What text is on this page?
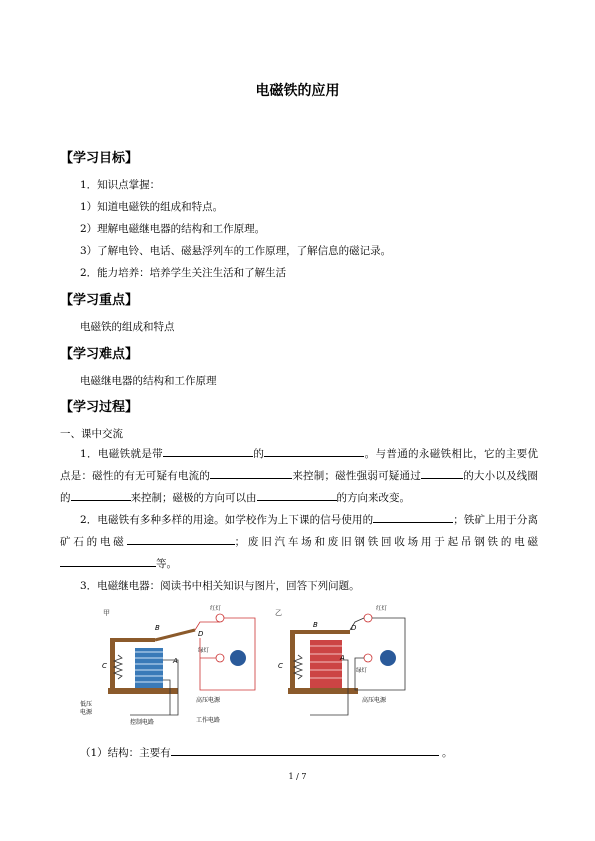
电磁铁的应用
【学习目标】
1．知识点掌握：
1）知道电磁铁的组成和特点。
2）理解电磁继电器的结构和工作原理。
3）了解电铃、电话、磁悬浮列车的工作原理，了解信息的磁记录。
2．能力培养：培养学生关注生活和了解生活
【学习重点】
电磁铁的组成和特点
【学习难点】
电磁继电器的结构和工作原理
【学习过程】
一、课中交流
1．电磁铁就是带	的	。与普通的永磁铁相比，它的主要优点是：磁性的有无可疑有电流的	来控制；磁性强弱可疑通过	的大小以及线圈的	来控制；磁极的方向可以由	的方向来改变。
2．电磁铁有多种多样的用途。如学校作为上下课的信号使用的	；铁矿上用于分离矿石的电磁	；废旧汽车场和废旧钢铁回收场用于起吊钢铁的电磁等。
3．电磁继电器：阅读书中相关知识与图片，回答下列问题。
甲
B
C
A
D
红灯
绿灯
高压电源
工作电路
低压
电源
控制电路
乙
B
C
A
D
红灯
绿灯
高压电源
（1）结构：主要有	。
1 / 7
